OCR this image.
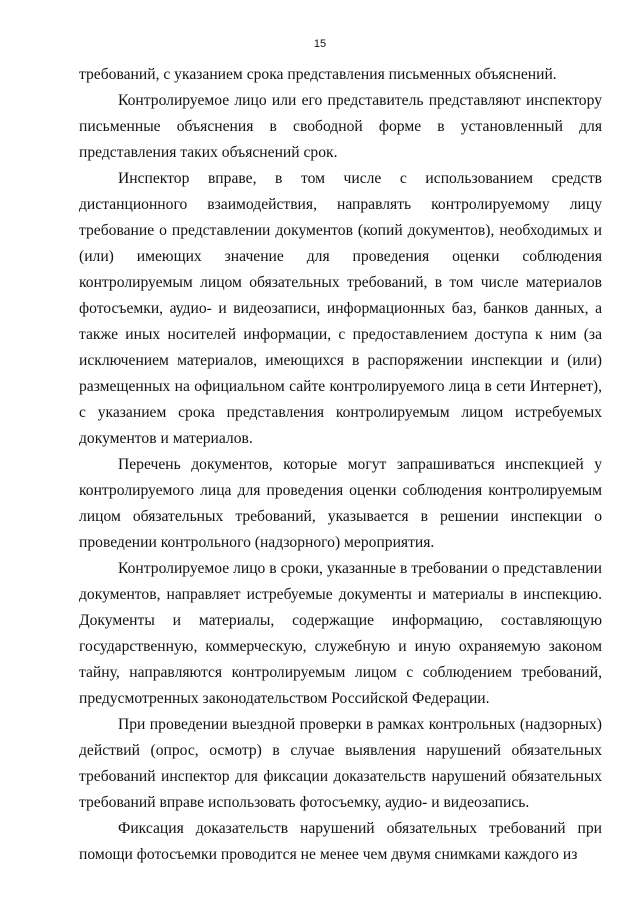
15

требований, с указанием срока представления письменных объяснений.

Контролируемое лицо или его представитель представляют инспектору письменные объяснения в свободной форме в установленный для представления таких объяснений срок.

Инспектор вправе, в том числе с использованием средств дистанционного взаимодействия, направлять контролируемому лицу требование о представлении документов (копий документов), необходимых и (или) имеющих значение для проведения оценки соблюдения контролируемым лицом обязательных требований, в том числе материалов фотосъемки, аудио- и видеозаписи, информационных баз, банков данных, а также иных носителей информации, с предоставлением доступа к ним (за исключением материалов, имеющихся в распоряжении инспекции и (или) размещенных на официальном сайте контролируемого лица в сети Интернет), с указанием срока представления контролируемым лицом истребуемых документов и материалов.

Перечень документов, которые могут запрашиваться инспекцией у контролируемого лица для проведения оценки соблюдения контролируемым лицом обязательных требований, указывается в решении инспекции о проведении контрольного (надзорного) мероприятия.

Контролируемое лицо в сроки, указанные в требовании о представлении документов, направляет истребуемые документы и материалы в инспекцию. Документы и материалы, содержащие информацию, составляющую государственную, коммерческую, служебную и иную охраняемую законом тайну, направляются контролируемым лицом с соблюдением требований, предусмотренных законодательством Российской Федерации.

При проведении выездной проверки в рамках контрольных (надзорных) действий (опрос, осмотр) в случае выявления нарушений обязательных требований инспектор для фиксации доказательств нарушений обязательных требований вправе использовать фотосъемку, аудио- и видеозапись.

Фиксация доказательств нарушений обязательных требований при помощи фотосъемки проводится не менее чем двумя снимками каждого из
